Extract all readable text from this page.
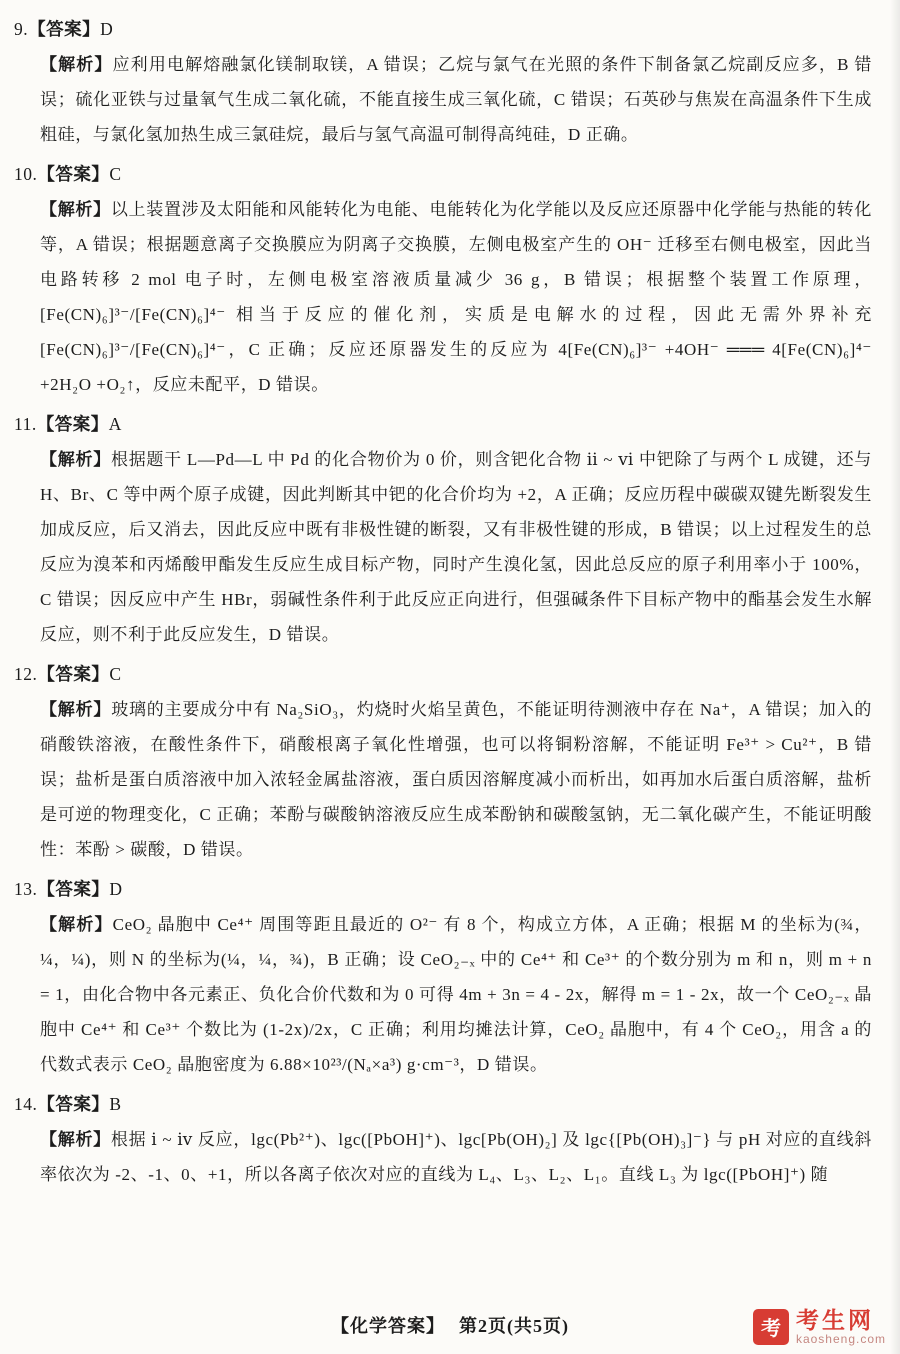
9.【答案】D

【解析】应利用电解熔融氯化镁制取镁，A 错误；乙烷与氯气在光照的条件下制备氯乙烷副反应多，B 错误；硫化亚铁与过量氧气生成二氧化硫，不能直接生成三氧化硫，C 错误；石英砂与焦炭在高温条件下生成粗硅，与氯化氢加热生成三氯硅烷，最后与氢气高温可制得高纯硅，D 正确。

10.【答案】C

【解析】以上装置涉及太阳能和风能转化为电能、电能转化为化学能以及反应还原器中化学能与热能的转化等，A 错误；根据题意离子交换膜应为阴离子交换膜，左侧电极室产生的 OH⁻ 迁移至右侧电极室，因此当电路转移 2 mol 电子时，左侧电极室溶液质量减少 36 g，B 错误；根据整个装置工作原理，[Fe(CN)₆]³⁻/[Fe(CN)₆]⁴⁻ 相当于反应的催化剂，实质是电解水的过程，因此无需外界补充 [Fe(CN)₆]³⁻/[Fe(CN)₆]⁴⁻，C 正确；反应还原器发生的反应为 4[Fe(CN)₆]³⁻ +4OH⁻ ═══ 4[Fe(CN)₆]⁴⁻ +2H₂O +O₂↑，反应未配平，D 错误。

11.【答案】A

【解析】根据题干 L—Pd—L 中 Pd 的化合物价为 0 价，则含钯化合物 ⅱ ~ ⅵ 中钯除了与两个 L 成键，还与 H、Br、C 等中两个原子成键，因此判断其中钯的化合价均为 +2，A 正确；反应历程中碳碳双键先断裂发生加成反应，后又消去，因此反应中既有非极性键的断裂，又有非极性键的形成，B 错误；以上过程发生的总反应为溴苯和丙烯酸甲酯发生反应生成目标产物，同时产生溴化氢，因此总反应的原子利用率小于 100%，C 错误；因反应中产生 HBr，弱碱性条件利于此反应正向进行，但强碱条件下目标产物中的酯基会发生水解反应，则不利于此反应发生，D 错误。

12.【答案】C

【解析】玻璃的主要成分中有 Na₂SiO₃，灼烧时火焰呈黄色，不能证明待测液中存在 Na⁺，A 错误；加入的硝酸铁溶液，在酸性条件下，硝酸根离子氧化性增强，也可以将铜粉溶解，不能证明 Fe³⁺ > Cu²⁺，B 错误；盐析是蛋白质溶液中加入浓轻金属盐溶液，蛋白质因溶解度减小而析出，如再加水后蛋白质溶解，盐析是可逆的物理变化，C 正确；苯酚与碳酸钠溶液反应生成苯酚钠和碳酸氢钠，无二氧化碳产生，不能证明酸性：苯酚 > 碳酸，D 错误。

13.【答案】D

【解析】CeO₂ 晶胞中 Ce⁴⁺ 周围等距且最近的 O²⁻ 有 8 个，构成立方体，A 正确；根据 M 的坐标为(¾，¼，¼)，则 N 的坐标为(¼，¼，¾)，B 正确；设 CeO₂₋ₓ 中的 Ce⁴⁺ 和 Ce³⁺ 的个数分别为 m 和 n，则 m + n = 1，由化合物中各元素正、负化合价代数和为 0 可得 4m + 3n = 4 - 2x，解得 m = 1 - 2x，故一个 CeO₂₋ₓ 晶胞中 Ce⁴⁺ 和 Ce³⁺ 个数比为 (1-2x)/2x，C 正确；利用均摊法计算，CeO₂ 晶胞中，有 4 个 CeO₂，用含 a 的代数式表示 CeO₂ 晶胞密度为 6.88×10²³/(Nₐ×a³) g·cm⁻³，D 错误。

14.【答案】B

【解析】根据 ⅰ ~ ⅳ 反应，lgc(Pb²⁺)、lgc([PbOH]⁺)、lgc[Pb(OH)₂] 及 lgc{[Pb(OH)₃]⁻} 与 pH 对应的直线斜率依次为 -2、-1、0、+1，所以各离子依次对应的直线为 L₄、L₃、L₂、L₁。直线 L₃ 为 lgc([PbOH]⁺) 随

【化学答案】 第2页(共5页)	考 考生网
kaosheng.com
